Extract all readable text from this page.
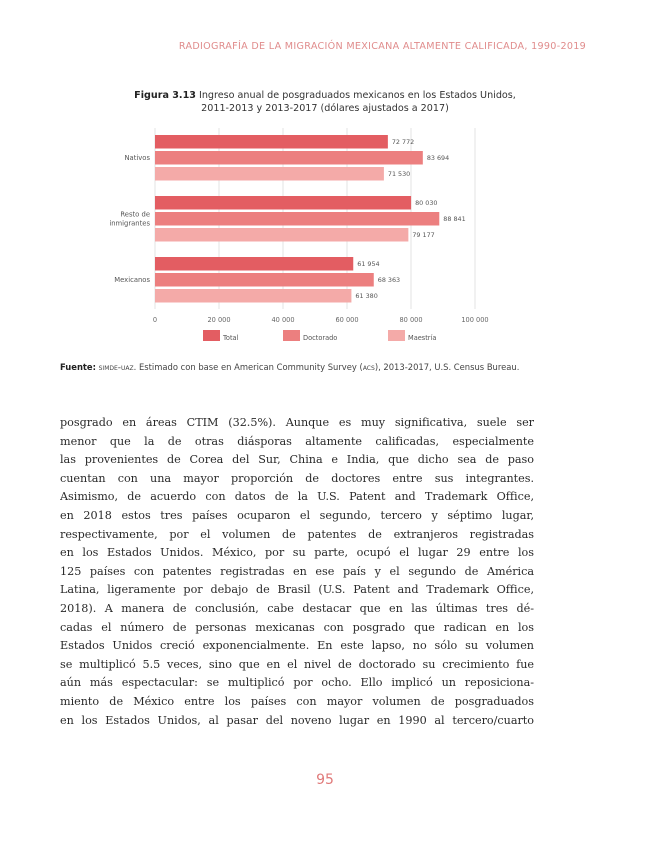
RADIOGRAFÍA DE LA MIGRACIÓN MEXICANA ALTAMENTE CALIFICADA, 1990-2019
Figura 3.13 Ingreso anual de posgraduados mexicanos en los Estados Unidos,
2011-2013 y 2013-2017 (dólares ajustados a 2017)
0	20 000	40 000	60 000	80 000	100 000
72 772
83 694
71 530
Nativos
80 030
88 841
79 177
Resto de
inmigrantes
61 954
68 363
61 380
Mexicanos
Total	Doctorado	Maestría
Fuente: simde-uaz. Estimado con base en American Community Survey (acs), 2013-2017, U.S. Census Bureau.
posgrado en áreas CTIM (32.5%). Aunque es muy significativa, suele ser
menor que la de otras diásporas altamente calificadas, especialmente
las provenientes de Corea del Sur, China e India, que dicho sea de paso
cuentan con una mayor proporción de doctores entre sus integrantes.
Asimismo, de acuerdo con datos de la U.S. Patent and Trademark Office,
en 2018 estos tres países ocuparon el segundo, tercero y séptimo lugar,
respectivamente, por el volumen de patentes de extranjeros registradas
en los Estados Unidos. México, por su parte, ocupó el lugar 29 entre los
125 países con patentes registradas en ese país y el segundo de América
Latina, ligeramente por debajo de Brasil (U.S. Patent and Trademark Office,
2018). A manera de conclusión, cabe destacar que en las últimas tres dé-
cadas el número de personas mexicanas con posgrado que radican en los
Estados Unidos creció exponencialmente. En este lapso, no sólo su volumen
se multiplicó 5.5 veces, sino que en el nivel de doctorado su crecimiento fue
aún más espectacular: se multiplicó por ocho. Ello implicó un reposiciona-
miento de México entre los países con mayor volumen de posgraduados
en los Estados Unidos, al pasar del noveno lugar en 1990 al tercero/cuarto
95
